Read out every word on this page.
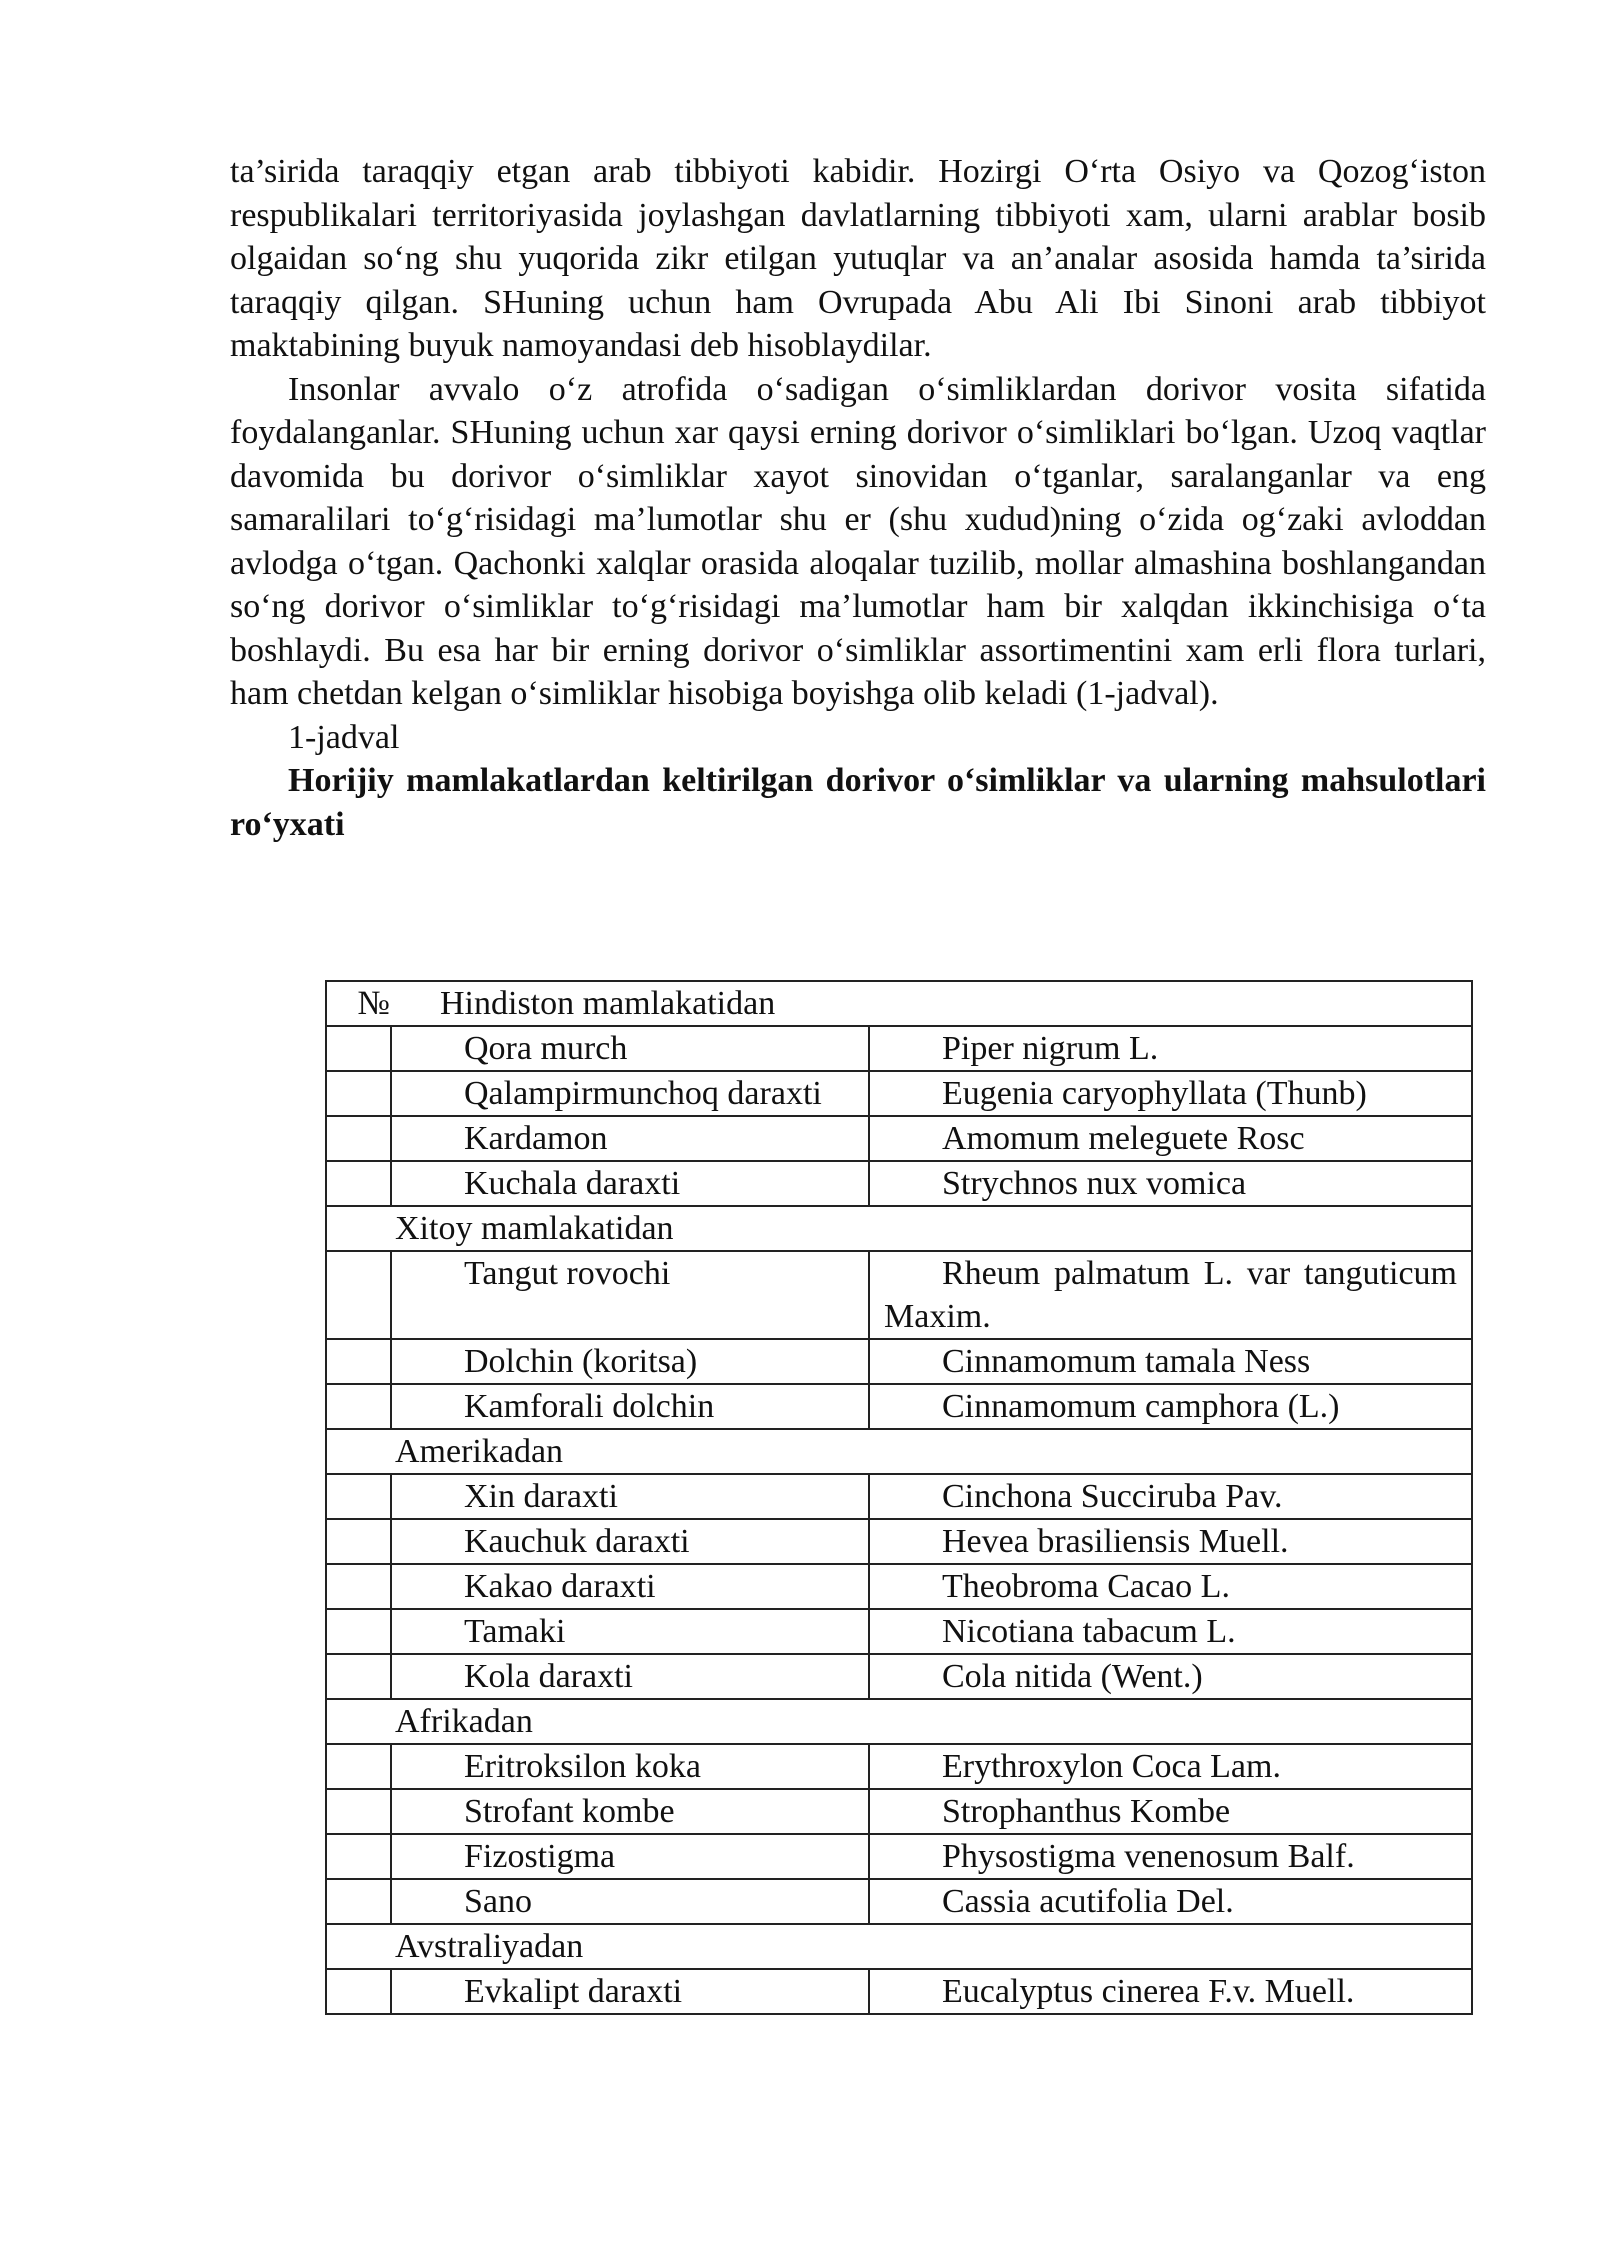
ta’sirida taraqqiy etgan arab tibbiyoti kabidir. Hozirgi O‘rta Osiyo va Qozog‘iston respublikalari territoriyasida joylashgan davlatlarning tibbiyoti xam, ularni arablar bosib olgaidan so‘ng shu yuqorida zikr etilgan yutuqlar va an’analar asosida hamda ta’sirida taraqqiy qilgan. SHuning uchun ham Ovrupada Abu Ali Ibi Sinoni arab tibbiyot maktabining buyuk namoyandasi deb hisoblaydilar.

Insonlar avvalo o‘z atrofida o‘sadigan o‘simliklardan dorivor vosita sifatida foydalanganlar. SHuning uchun xar qaysi erning dorivor o‘simliklari bo‘lgan. Uzoq vaqtlar davomida bu dorivor o‘simliklar xayot sinovidan o‘tganlar, saralanganlar va eng samaralilari to‘g‘risidagi ma’lumotlar shu er (shu xudud)ning o‘zida og‘zaki avloddan avlodga o‘tgan. Qachonki xalqlar orasida aloqalar tuzilib, mollar almashina boshlangandan so‘ng dorivor o‘simliklar to‘g‘risidagi ma’lumotlar ham bir xalqdan ikkinchisiga o‘ta boshlaydi. Bu esa har bir erning dorivor o‘simliklar assortimentini xam erli flora turlari, ham chetdan kelgan o‘simliklar hisobiga boyishga olib keladi (1-jadval).

1-jadval

Horijiy mamlakatlardan keltirilgan dorivor o‘simliklar va ularning mahsulotlari ro‘yxati

№ Hindiston mamlakatidan		

	Qora murch	Piper nigrum L.

	Qalampirmunchoq daraxti	Eugenia caryophyllata (Thunb)

	Kardamon	Amomum meleguete Rosc

	Kuchala daraxti	Strychnos nux vomica

Xitoy mamlakatidan		

	Tangut rovochi	Rheum palmatum L. var tanguticum Maxim.

	Dolchin (koritsa)	Cinnamomum tamala Ness

	Kamforali dolchin	Cinnamomum camphora (L.)

Amerikadan		

	Xin daraxti	Cinchona Succiruba Pav.

	Kauchuk daraxti	Hevea brasiliensis Muell.

	Kakao daraxti	Theobroma Cacao L.

	Tamaki	Nicotiana tabacum L.

	Kola daraxti	Cola nitida (Went.)

Afrikadan		

	Eritroksilon koka	Erythroxylon Coca Lam.

	Strofant kombe	Strophanthus Kombe

	Fizostigma	Physostigma venenosum Balf.

	Sano	Cassia acutifolia Del.

Avstraliyadan		

	Evkalipt daraxti	Eucalyptus cinerea F.v. Muell.
